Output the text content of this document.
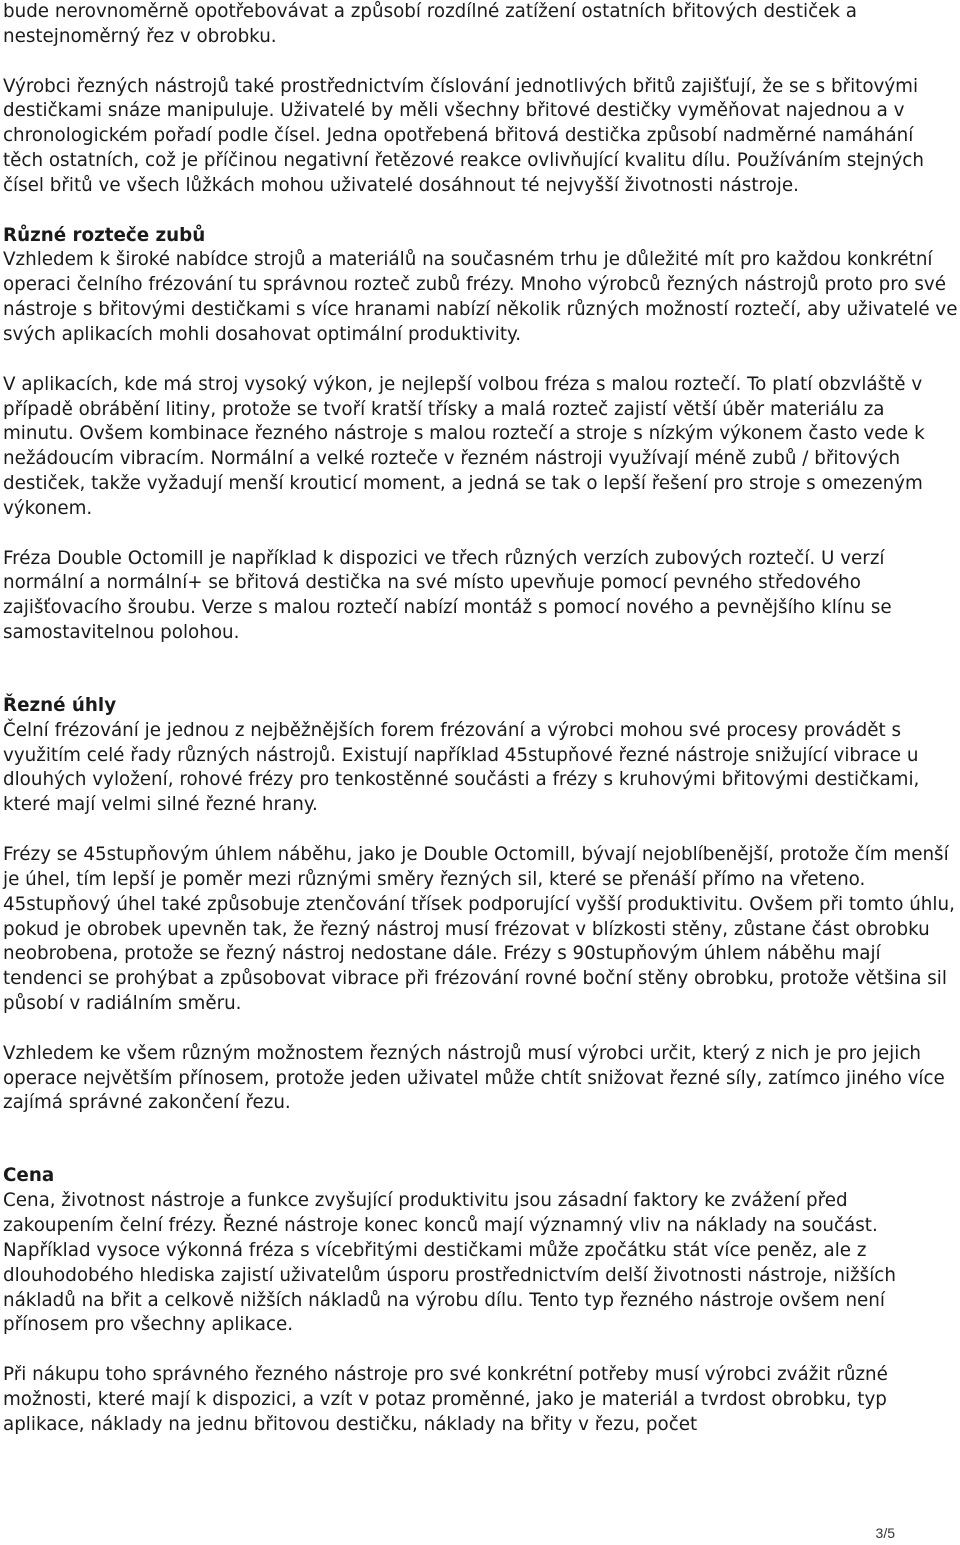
bude nerovnoměrně opotřebovávat a způsobí rozdílné zatížení ostatních břitových destiček a nestejnoměrný řez v obrobku.

Výrobci řezných nástrojů také prostřednictvím číslování jednotlivých břitů zajišťují, že se s břitovými destičkami snáze manipuluje. Uživatelé by měli všechny břitové destičky vyměňovat najednou a v chronologickém pořadí podle čísel. Jedna opotřebená břitová destička způsobí nadměrné namáhání těch ostatních, což je příčinou negativní řetězové reakce ovlivňující kvalitu dílu. Používáním stejných čísel břitů ve všech lůžkách mohou uživatelé dosáhnout té nejvyšší životnosti nástroje.

Různé rozteče zubů

Vzhledem k široké nabídce strojů a materiálů na současném trhu je důležité mít pro každou konkrétní operaci čelního frézování tu správnou rozteč zubů frézy. Mnoho výrobců řezných nástrojů proto pro své nástroje s břitovými destičkami s více hranami nabízí několik různých možností roztečí, aby uživatelé ve svých aplikacích mohli dosahovat optimální produktivity.

V aplikacích, kde má stroj vysoký výkon, je nejlepší volbou fréza s malou roztečí. To platí obzvláště v případě obrábění litiny, protože se tvoří kratší třísky a malá rozteč zajistí větší úběr materiálu za minutu. Ovšem kombinace řezného nástroje s malou roztečí a stroje s nízkým výkonem často vede k nežádoucím vibracím. Normální a velké rozteče v řezném nástroji využívají méně zubů / břitových destiček, takže vyžadují menší krouticí moment, a jedná se tak o lepší řešení pro stroje s omezeným výkonem.

Fréza Double Octomill je například k dispozici ve třech různých verzích zubových roztečí. U verzí normální a normální+ se břitová destička na své místo upevňuje pomocí pevného středového zajišťovacího šroubu. Verze s malou roztečí nabízí montáž s pomocí nového a pevnějšího klínu se samostavitelnou polohou.

Řezné úhly

Čelní frézování je jednou z nejběžnějších forem frézování a výrobci mohou své procesy provádět s využitím celé řady různých nástrojů. Existují například 45stupňové řezné nástroje snižující vibrace u dlouhých vyložení, rohové frézy pro tenkostěnné součásti a frézy s kruhovými břitovými destičkami, které mají velmi silné řezné hrany.

Frézy se 45stupňovým úhlem náběhu, jako je Double Octomill, bývají nejoblíbenější, protože čím menší je úhel, tím lepší je poměr mezi různými směry řezných sil, které se přenáší přímo na vřeteno. 45stupňový úhel také způsobuje ztenčování třísek podporující vyšší produktivitu. Ovšem při tomto úhlu, pokud je obrobek upevněn tak, že řezný nástroj musí frézovat v blízkosti stěny, zůstane část obrobku neobrobena, protože se řezný nástroj nedostane dále. Frézy s 90stupňovým úhlem náběhu mají tendenci se prohýbat a způsobovat vibrace při frézování rovné boční stěny obrobku, protože většina sil působí v radiálním směru.

Vzhledem ke všem různým možnostem řezných nástrojů musí výrobci určit, který z nich je pro jejich operace největším přínosem, protože jeden uživatel může chtít snižovat řezné síly, zatímco jiného více zajímá správné zakončení řezu.

Cena

Cena, životnost nástroje a funkce zvyšující produktivitu jsou zásadní faktory ke zvážení před zakoupením čelní frézy. Řezné nástroje konec konců mají významný vliv na náklady na součást. Například vysoce výkonná fréza s vícebřitými destičkami může zpočátku stát více peněz, ale z dlouhodobého hlediska zajistí uživatelům úsporu prostřednictvím delší životnosti nástroje, nižších nákladů na břit a celkově nižších nákladů na výrobu dílu. Tento typ řezného nástroje ovšem není přínosem pro všechny aplikace.

Při nákupu toho správného řezného nástroje pro své konkrétní potřeby musí výrobci zvážit různé možnosti, které mají k dispozici, a vzít v potaz proměnné, jako je materiál a tvrdost obrobku, typ aplikace, náklady na jednu břitovou destičku, náklady na břity v řezu, počet

3/5
